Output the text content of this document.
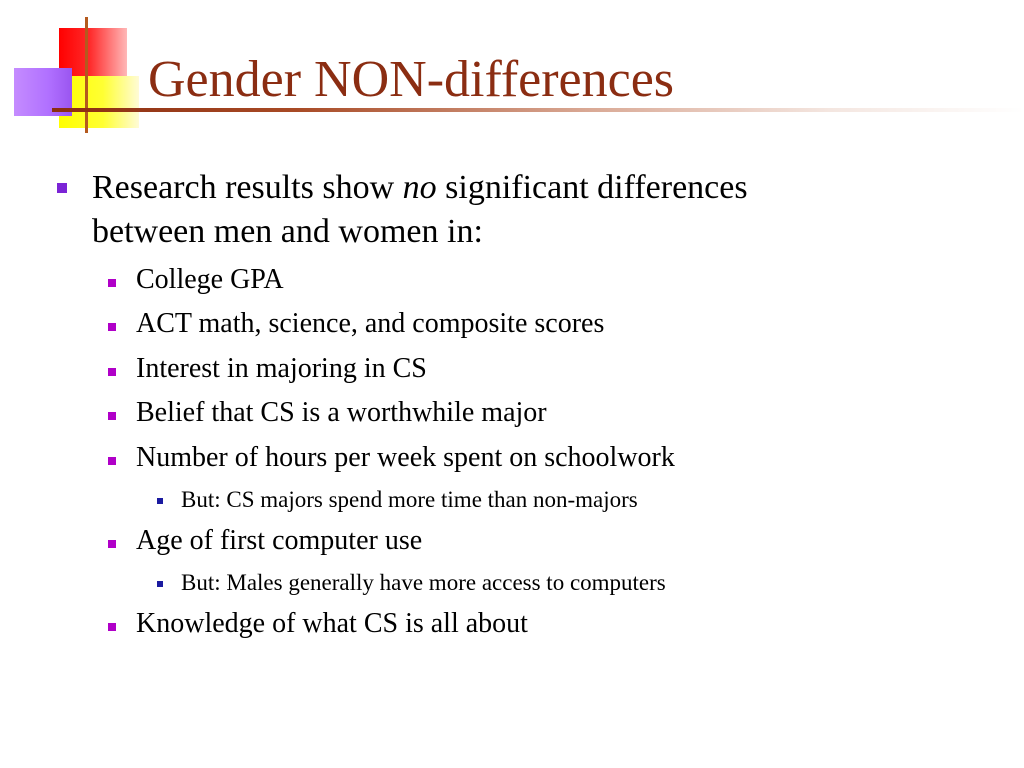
Gender NON-differences
Research results show no significant differences
between men and women in:
College GPA
ACT math, science, and composite scores
Interest in majoring in CS
Belief that CS is a worthwhile major
Number of hours per week spent on schoolwork
But: CS majors spend more time than non-majors
Age of first computer use
But: Males generally have more access to computers
Knowledge of what CS is all about
